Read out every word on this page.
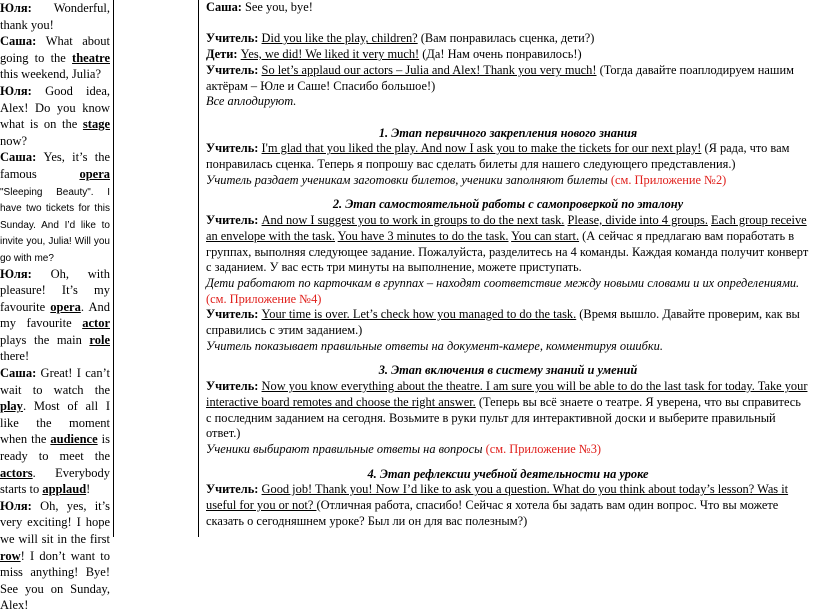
Юля: Wonderful, thank you!

Саша: What about going to the theatre this weekend, Julia?

Юля: Good idea, Alex! Do you know what is on the stage now?

Саша: Yes, it’s the famous opera "Sleeping Beauty". I have two tickets for this Sunday. And I’d like to invite you, Julia! Will you go with me?

Юля: Oh, with pleasure! It’s my favourite opera. And my favourite actor plays the main role there!

Саша: Great! I can’t wait to watch the play. Most of all I like the moment when the audience is ready to meet the actors. Everybody starts to applaud!

Юля: Oh, yes, it’s very exciting! I hope we will sit in the first row! I don’t want to miss anything! Bye! See you on Sunday, Alex!

Саша: See you, bye!

Учитель: Did you like the play, children? (Вам понравилась сценка, дети?)

Дети: Yes, we did! We liked it very much! (Да! Нам очень понравилось!)

Учитель: So let’s applaud our actors – Julia and Alex! Thank you very much! (Тогда давайте поаплодируем нашим

актёрам – Юле и Саше! Спасибо большое!)

Все аплодируют.

1. Этап первичного закрепления нового знания

Учитель: I'm glad that you liked the play. And now I ask you to make the tickets for our next play! (Я рада, что вам

понравилась сценка. Теперь я попрошу вас сделать билеты для нашего следующего представления.)

Учитель раздает ученикам заготовки билетов, ученики заполняют билеты (см. Приложение №2)

2. Этап самостоятельной работы с самопроверкой по эталону

Учитель: And now I suggest you to work in groups to do the next task. Please, divide into 4 groups. Each group receive

an envelope with the task. You have 3 minutes to do the task. You can start. (А сейчас я предлагаю вам поработать в

группах, выполняя следующее задание. Пожалуйста, разделитесь на 4 команды. Каждая команда получит конверт

с заданием. У вас есть три минуты на выполнение, можете приступать.

Дети работают по карточкам в группах – находят соответствие между новыми словами и их определениями.

(см. Приложение №4)

Учитель: Your time is over. Let’s check how you managed to do the task. (Время вышло. Давайте проверим, как вы

справились с этим заданием.)

Учитель показывает правильные ответы на документ-камере, комментируя ошибки.

3. Этап включения в систему знаний и умений

Учитель: Now you know everything about the theatre. I am sure you will be able to do the last task for today. Take your

interactive board remotes and choose the right answer. (Теперь вы всё знаете о театре. Я уверена, что вы справитесь

с последним заданием на сегодня. Возьмите в руки пульт для интерактивной доски и выберите правильный

ответ.)

Ученики выбирают правильные ответы на вопросы (см. Приложение №3)

4. Этап рефлексии учебной деятельности на уроке

Учитель: Good job! Thank you! Now I’d like to ask you a question. What do you think about today’s lesson? Was it

useful for you or not? (Отличная работа, спасибо! Сейчас я хотела бы задать вам один вопрос. Что вы можете

сказать о сегодняшнем уроке? Был ли он для вас полезным?)
